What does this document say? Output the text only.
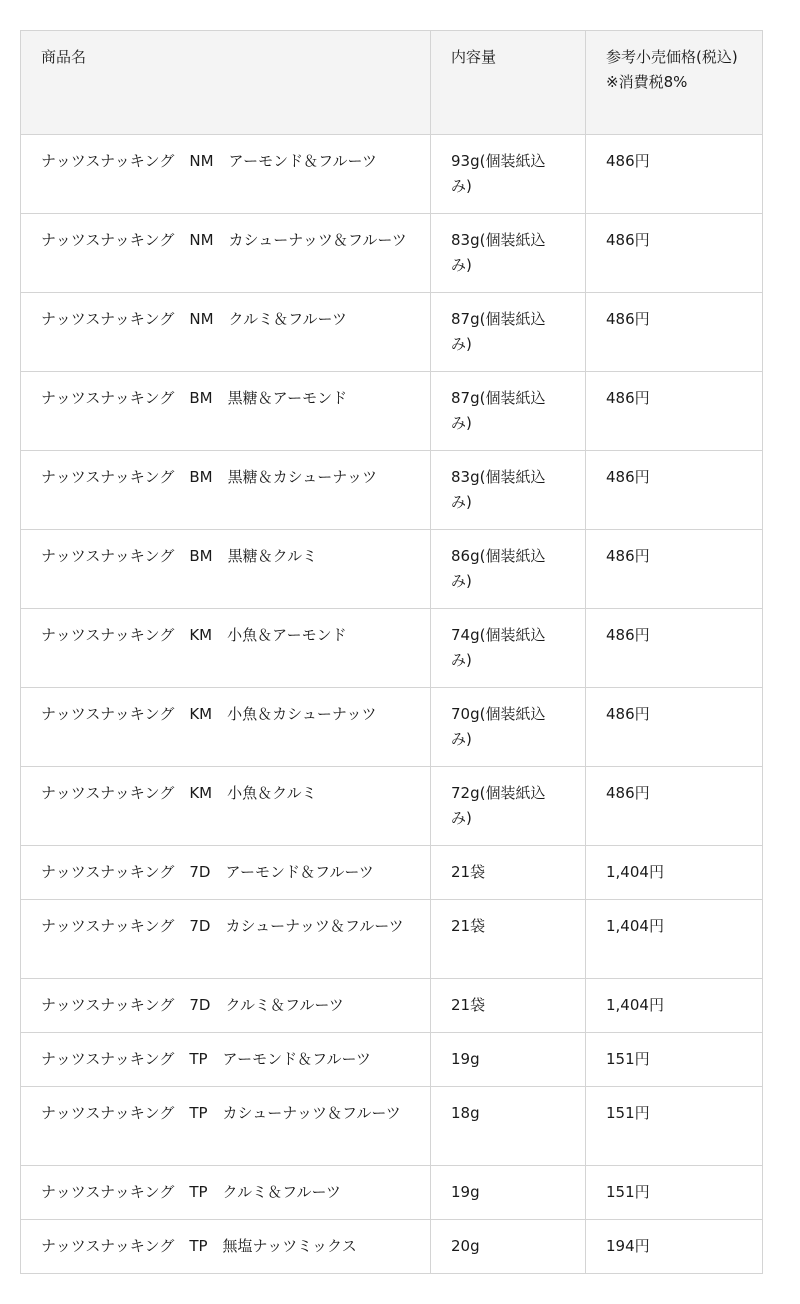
商品名	内容量	参考小売価格(税込)
※消費税8%

ナッツスナッキング　NM　アーモンド＆フルーツ	93g(個装紙込み)	486円
ナッツスナッキング　NM　カシューナッツ＆フルーツ	83g(個装紙込み)	486円
ナッツスナッキング　NM　クルミ＆フルーツ	87g(個装紙込み)	486円
ナッツスナッキング　BM　黒糖＆アーモンド	87g(個装紙込み)	486円
ナッツスナッキング　BM　黒糖＆カシューナッツ	83g(個装紙込み)	486円
ナッツスナッキング　BM　黒糖＆クルミ	86g(個装紙込み)	486円
ナッツスナッキング　KM　小魚＆アーモンド	74g(個装紙込み)	486円
ナッツスナッキング　KM　小魚＆カシューナッツ	70g(個装紙込み)	486円
ナッツスナッキング　KM　小魚＆クルミ	72g(個装紙込み)	486円
ナッツスナッキング　7D　アーモンド＆フルーツ	21袋	1,404円
ナッツスナッキング　7D　カシューナッツ＆フルーツ	21袋	1,404円
ナッツスナッキング　7D　クルミ＆フルーツ	21袋	1,404円
ナッツスナッキング　TP　アーモンド＆フルーツ	19g	151円
ナッツスナッキング　TP　カシューナッツ＆フルーツ	18g	151円
ナッツスナッキング　TP　クルミ＆フルーツ	19g	151円
ナッツスナッキング　TP　無塩ナッツミックス	20g	194円
